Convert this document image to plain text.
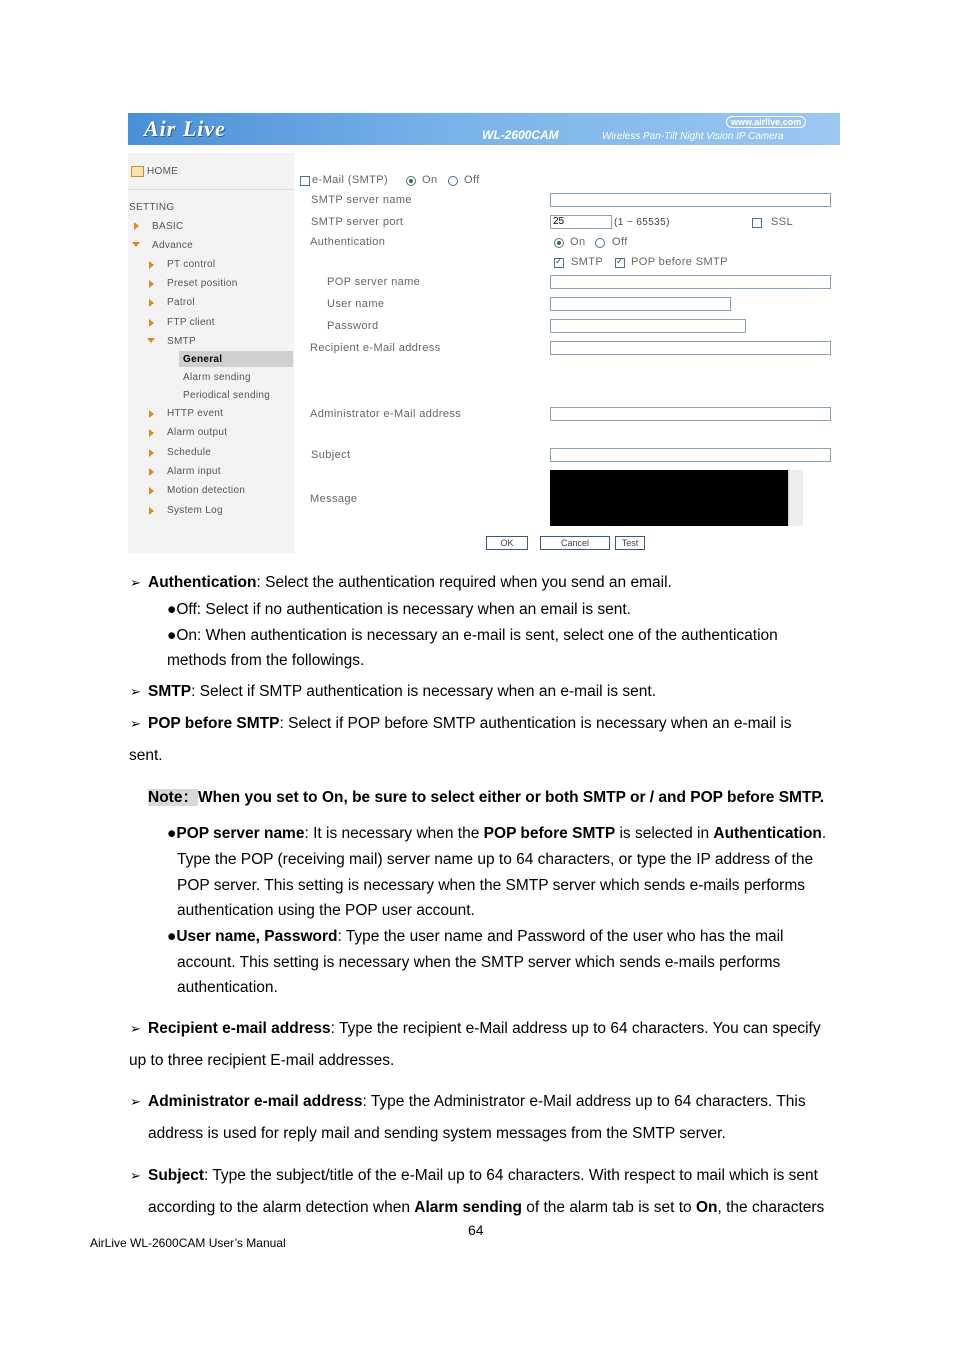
Air Live	WL-2600CAM	Wireless Pan-Tilt Night Vision IP Camera
www.airlive.com
HOME
SETTING
BASIC
Advance
PT control
Preset position
Patrol
FTP client
SMTP
General
Alarm sending
Periodical sending
HTTP event
Alarm output
Schedule
Alarm input
Motion detection
System Log
e-Mail (SMTP)	On Off
SMTP server name
SMTP server port	25	(1 ~ 65535)	SSL
Authentication	On Off
✓
SMTP
✓	POP before SMTP
POP server name
User name
Password
Recipient e-Mail address
Administrator e-Mail address
Subject
Message
OK	Cancel	Test
➢ Authentication: Select the authentication required when you send an email.
●Off: Select if no authentication is necessary when an email is sent.
●On: When authentication is necessary an e-mail is sent, select one of the authentication
methods from the followings.
➢ SMTP: Select if SMTP authentication is necessary when an e-mail is sent.
➢ POP before SMTP: Select if POP before SMTP authentication is necessary when an e-mail is
sent.
Note：When you set to On, be sure to select either or both SMTP or / and POP before SMTP.
●POP server name: It is necessary when the POP before SMTP is selected in Authentication.
Type the POP (receiving mail) server name up to 64 characters, or type the IP address of the
POP server. This setting is necessary when the SMTP server which sends e-mails performs
authentication using the POP user account.
●User name, Password: Type the user name and Password of the user who has the mail
account. This setting is necessary when the SMTP server which sends e-mails performs
authentication.
➢ Recipient e-mail address: Type the recipient e-Mail address up to 64 characters. You can specify
up to three recipient E-mail addresses.
➢ Administrator e-mail address: Type the Administrator e-Mail address up to 64 characters. This
address is used for reply mail and sending system messages from the SMTP server.
➢ Subject: Type the subject/title of the e-Mail up to 64 characters. With respect to mail which is sent
according to the alarm detection when Alarm sending of the alarm tab is set to On, the characters
64
AirLive WL-2600CAM User’s Manual
